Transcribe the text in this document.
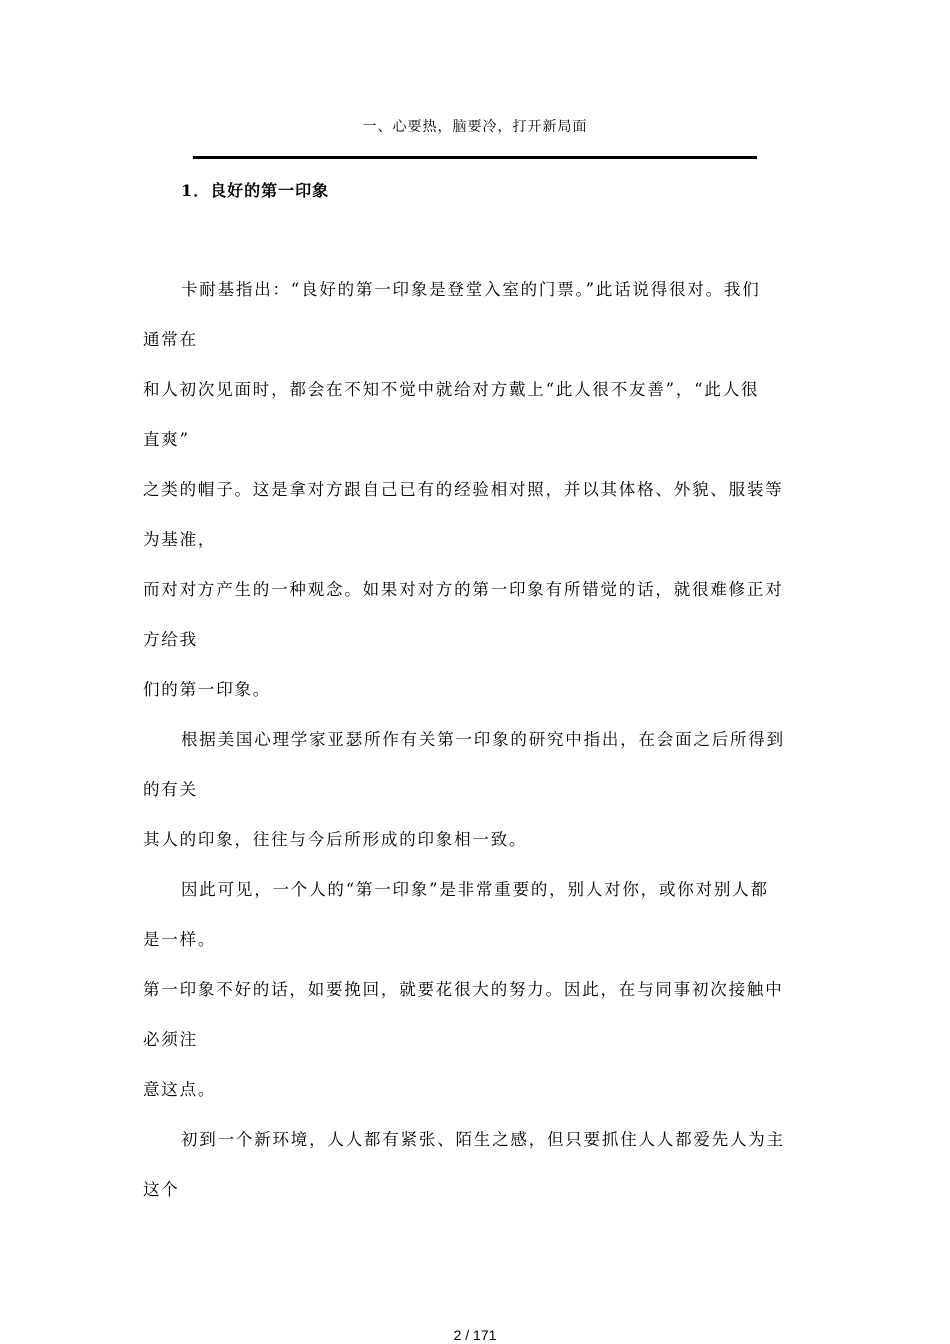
一、心要热，脑要冷，打开新局面
1．良好的第一印象
卡耐基指出：“良好的第一印象是登堂入室的门票。”此话说得很对。我们
通常在
和人初次见面时，都会在不知不觉中就给对方戴上“此人很不友善”，“此人很
直爽”
之类的帽子。这是拿对方跟自己已有的经验相对照，并以其体格、外貌、服装等
为基准，
而对对方产生的一种观念。如果对对方的第一印象有所错觉的话，就很难修正对
方给我
们的第一印象。
根据美国心理学家亚瑟所作有关第一印象的研究中指出，在会面之后所得到
的有关
其人的印象，往往与今后所形成的印象相一致。
因此可见，一个人的“第一印象”是非常重要的，别人对你，或你对别人都
是一样。
第一印象不好的话，如要挽回，就要花很大的努力。因此，在与同事初次接触中
必须注
意这点。
初到一个新环境，人人都有紧张、陌生之感，但只要抓住人人都爱先人为主
这个
2 / 171
